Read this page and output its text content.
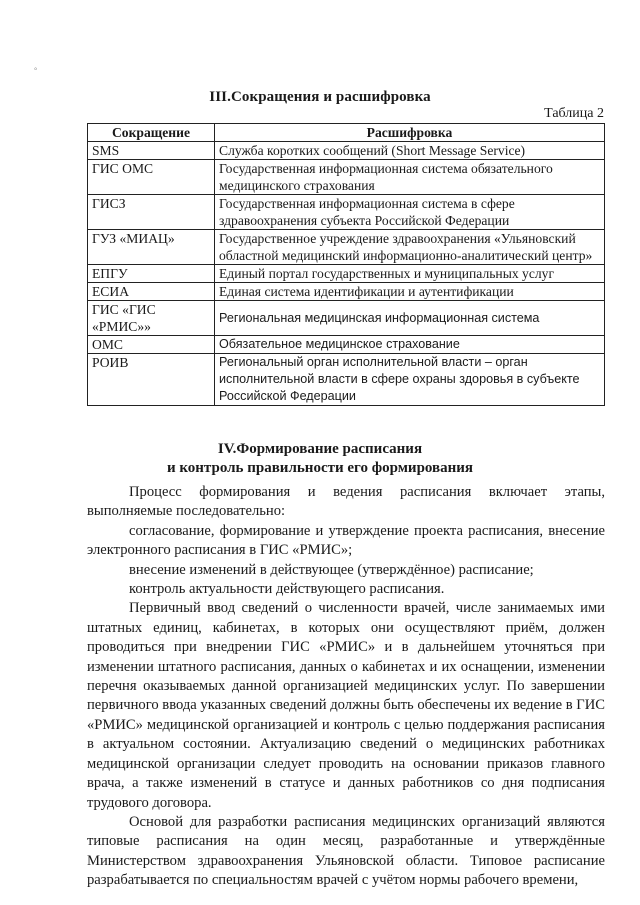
°
III.Сокращения и расшифровка
Таблица 2
Сокращение	Расшифровка
SMS	Служба коротких сообщений (Short Message Service)
ГИС ОМС	Государственная информационная система обязательного медицинского страхования
ГИСЗ	Государственная информационная система в сфере здравоохранения субъекта Российской Федерации
ГУЗ «МИАЦ»	Государственное учреждение здравоохранения «Ульяновский областной медицинский информационно-аналитический центр»
ЕПГУ	Единый портал государственных и муниципальных услуг
ЕСИА	Единая система идентификации и аутентификации
ГИС «ГИС «РМИС»»	Региональная медицинская информационная система
ОМС	Обязательное медицинское страхование
РОИВ	Региональный орган исполнительной власти – орган исполнительной власти в сфере охраны здоровья в субъекте Российской Федерации
IV.Формирование расписания
и контроль правильности его формирования

Процесс формирования и ведения расписания включает этапы, выполняемые последовательно:

согласование, формирование и утверждение проекта расписания, внесение электронного расписания в ГИС «РМИС»;

внесение изменений в действующее (утверждённое) расписание;

контроль актуальности действующего расписания.

Первичный ввод сведений о численности врачей, числе занимаемых ими штатных единиц, кабинетах, в которых они осуществляют приём, должен проводиться при внедрении ГИС «РМИС» и в дальнейшем уточняться при изменении штатного расписания, данных о кабинетах и их оснащении, изменении перечня оказываемых данной организацией медицинских услуг. По завершении первичного ввода указанных сведений должны быть обеспечены их ведение в ГИС «РМИС» медицинской организацией и контроль с целью поддержания расписания в актуальном состоянии. Актуализацию сведений о медицинских работниках медицинской организации следует проводить на основании приказов главного врача, а также изменений в статусе и данных работников со дня подписания трудового договора.

Основой для разработки расписания медицинских организаций являются типовые расписания на один месяц, разработанные и утверждённые Министерством здравоохранения Ульяновской области. Типовое расписание разрабатывается по специальностям врачей с учётом нормы рабочего времени,
